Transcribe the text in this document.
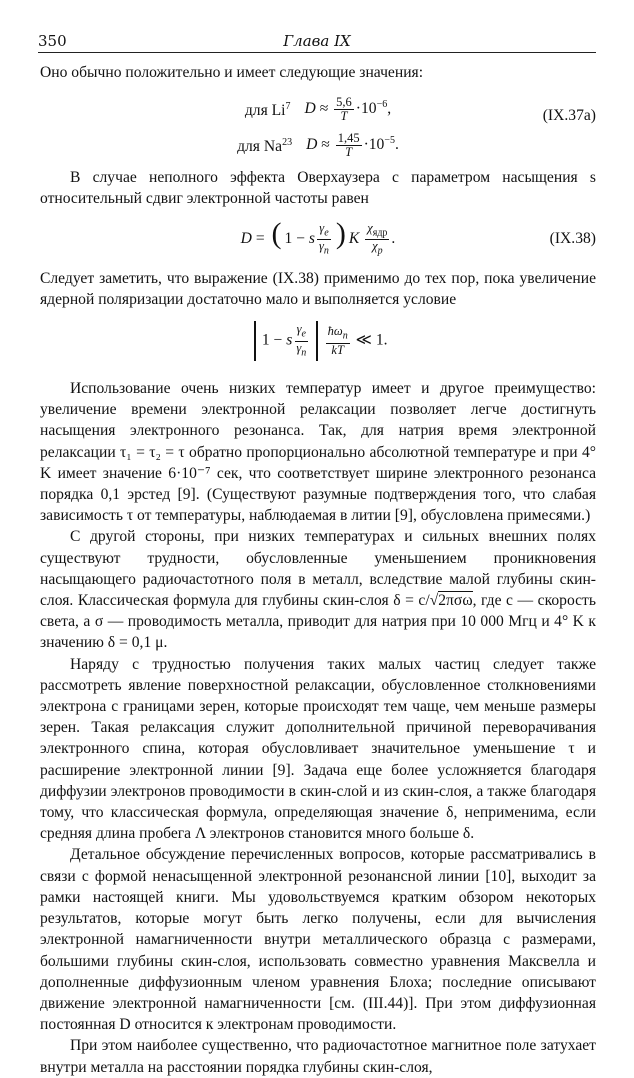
350	Глава IX

Оно обычно положительно и имеет следующие значения:

для Li$^7$ $D \approx \frac{5,6}{T} \cdot 10^{-6}$,
для Na$^{23}$ $D \approx \frac{1,45}{T} \cdot 10^{-5}$.
(IX.37а)

В случае неполного эффекта Оверхаузера с параметром насыщения s относительный сдвиг электронной частоты равен

D = ( 1 − s $\frac{\gamma_e}{\gamma_n}$ ) K $\frac{\chi_{ядр}}{\chi_p}$ .	(IX.38)

Следует заметить, что выражение (IX.38) применимо до тех пор, пока увеличение ядерной поляризации достаточно мало и выполняется условие

1 − s $\frac{\gamma_e}{\gamma_n} \frac{ħ\omega_n}{kT}$ ≪ 1.

Использование очень низких температур имеет и другое преимущество: увеличение времени электронной релаксации позволяет легче достигнуть насыщения электронного резонанса. Так, для натрия время электронной релаксации τ₁ = τ₂ = τ обратно пропорционально абсолютной температуре и при 4° K имеет значение 6·10⁻⁷ сек, что соответствует ширине электронного резонанса порядка 0,1 эрстед [9]. (Существуют разумные подтверждения того, что слабая зависимость τ от температуры, наблюдаемая в литии [9], обусловлена примесями.)

С другой стороны, при низких температурах и сильных внешних полях существуют трудности, обусловленные уменьшением проникновения насыщающего радиочастотного поля в металл, вследствие малой глубины скин-слоя. Классическая формула для глубины скин-слоя δ = c/√2πσω, где c — скорость света, а σ — проводимость металла, приводит для натрия при 10 000 Мгц и 4° K к значению δ = 0,1 μ.

Наряду с трудностью получения таких малых частиц следует также рассмотреть явление поверхностной релаксации, обусловленное столкновениями электрона с границами зерен, которые происходят тем чаще, чем меньше размеры зерен. Такая релаксация служит дополнительной причиной переворачивания электронного спина, которая обусловливает значительное уменьшение τ и расширение электронной линии [9]. Задача еще более усложняется благодаря диффузии электронов проводимости в скин-слой и из скин-слоя, а также благодаря тому, что классическая формула, определяющая значение δ, неприменима, если средняя длина пробега Λ электронов становится много больше δ.

Детальное обсуждение перечисленных вопросов, которые рассматривались в связи с формой ненасыщенной электронной резонансной линии [10], выходит за рамки настоящей книги. Мы удовольствуемся кратким обзором некоторых результатов, которые могут быть легко получены, если для вычисления электронной намагниченности внутри металлического образца с размерами, большими глубины скин-слоя, использовать совместно уравнения Максвелла и дополненные диффузионным членом уравнения Блоха; последние описывают движение электронной намагниченности [см. (III.44)]. При этом диффузионная постоянная D относится к электронам проводимости.

При этом наиболее существенно, что радиочастотное магнитное поле затухает внутри металла на расстоянии порядка глубины скин-слоя,
